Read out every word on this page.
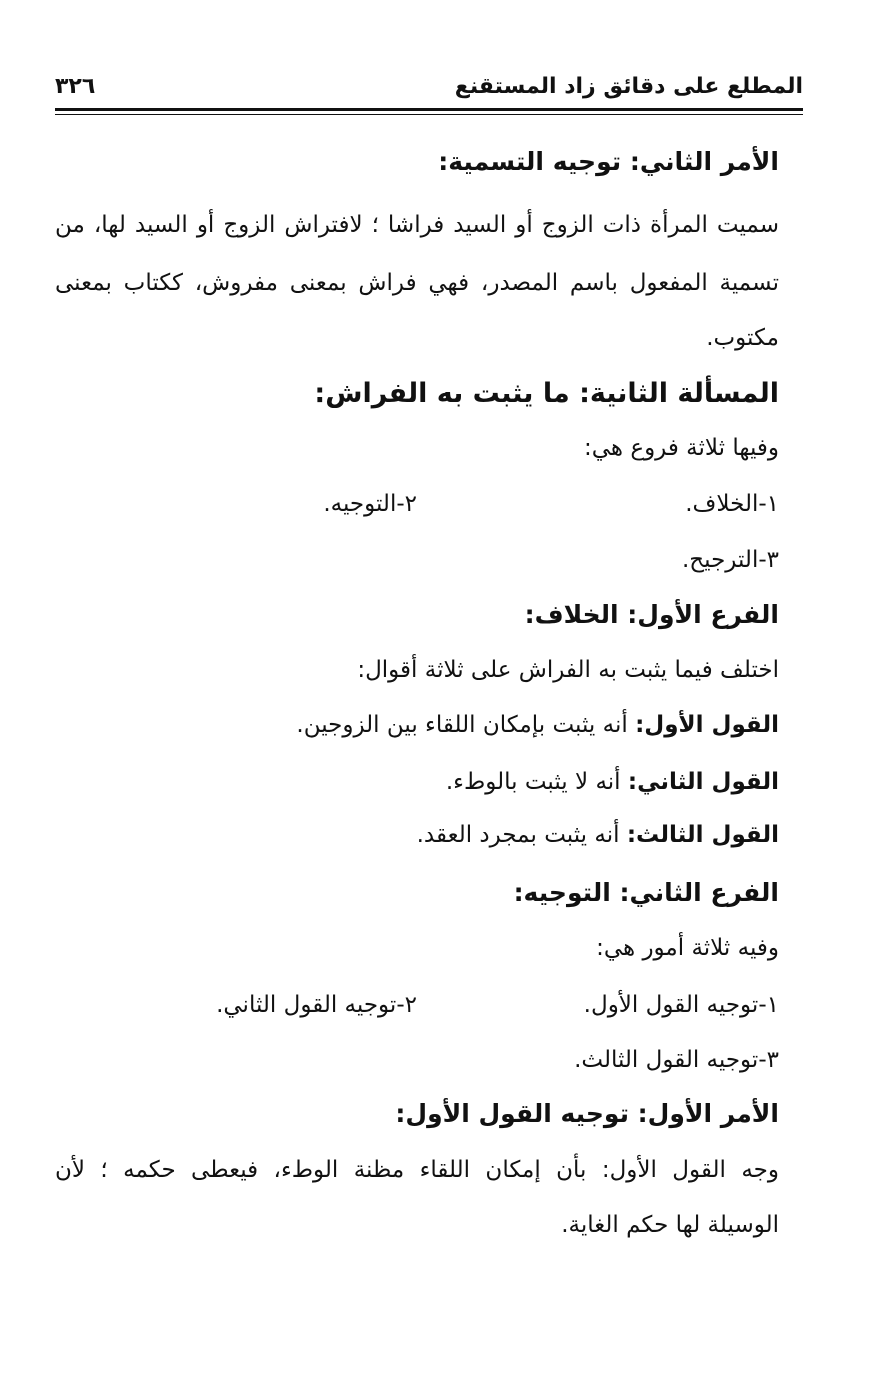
المطلع على دقائق زاد المستقنع
٣٢٦
الأمر الثاني: توجيه التسمية:
سميت المرأة ذات الزوج أو السيد فراشا ؛ لافتراش الزوج أو السيد لها، من
تسمية المفعول باسم المصدر، فهي فراش بمعنى مفروش، ككتاب بمعنى
مكتوب.
المسألة الثانية: ما يثبت به الفراش:
وفيها ثلاثة فروع هي:
١-الخلاف.
٢-التوجيه.
٣-الترجيح.
الفرع الأول: الخلاف:
اختلف فيما يثبت به الفراش على ثلاثة أقوال:
القول الأول: أنه يثبت بإمكان اللقاء بين الزوجين.
القول الثاني: أنه لا يثبت بالوطء.
القول الثالث: أنه يثبت بمجرد العقد.
الفرع الثاني: التوجيه:
وفيه ثلاثة أمور هي:
١-توجيه القول الأول.
٢-توجيه القول الثاني.
٣-توجيه القول الثالث.
الأمر الأول: توجيه القول الأول:
وجه القول الأول: بأن إمكان اللقاء مظنة الوطء، فيعطى حكمه ؛ لأن
الوسيلة لها حكم الغاية.
